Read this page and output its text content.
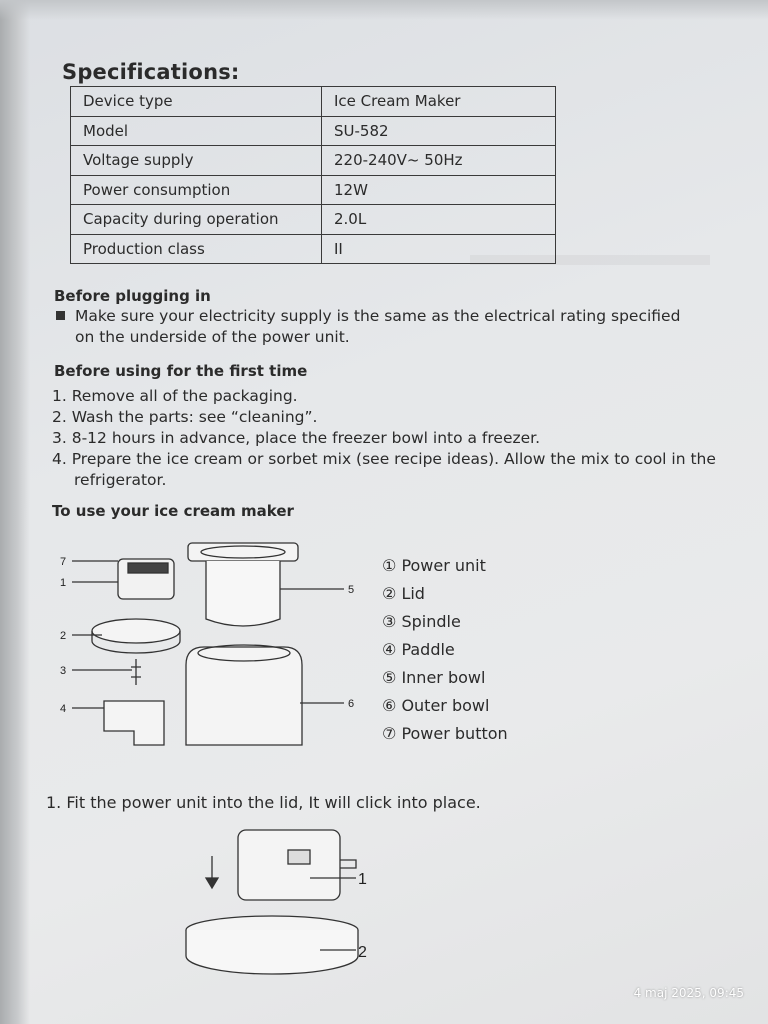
Specifications:
Device type	Ice Cream Maker
Model	SU-582
Voltage supply	220-240V~ 50Hz
Power consumption	12W
Capacity during operation	2.0L
Production class	II
Before plugging in
Make sure your electricity supply is the same as the electrical rating specified
on the underside of the power unit.
Before using for the first time
1. Remove all of the packaging.
2. Wash the parts: see “cleaning”.
3. 8-12 hours in advance, place the freezer bowl into a freezer.
4. Prepare the ice cream or sorbet mix (see recipe ideas). Allow the mix to cool in the refrigerator.
To use your ice cream maker
7
1
2
3
4
5
6
① Power unit
② Lid
③ Spindle
④ Paddle
⑤ Inner bowl
⑥ Outer bowl
⑦ Power button
1. Fit the power unit into the lid, It will click into place.
1
2
4 maj 2025, 09:45
